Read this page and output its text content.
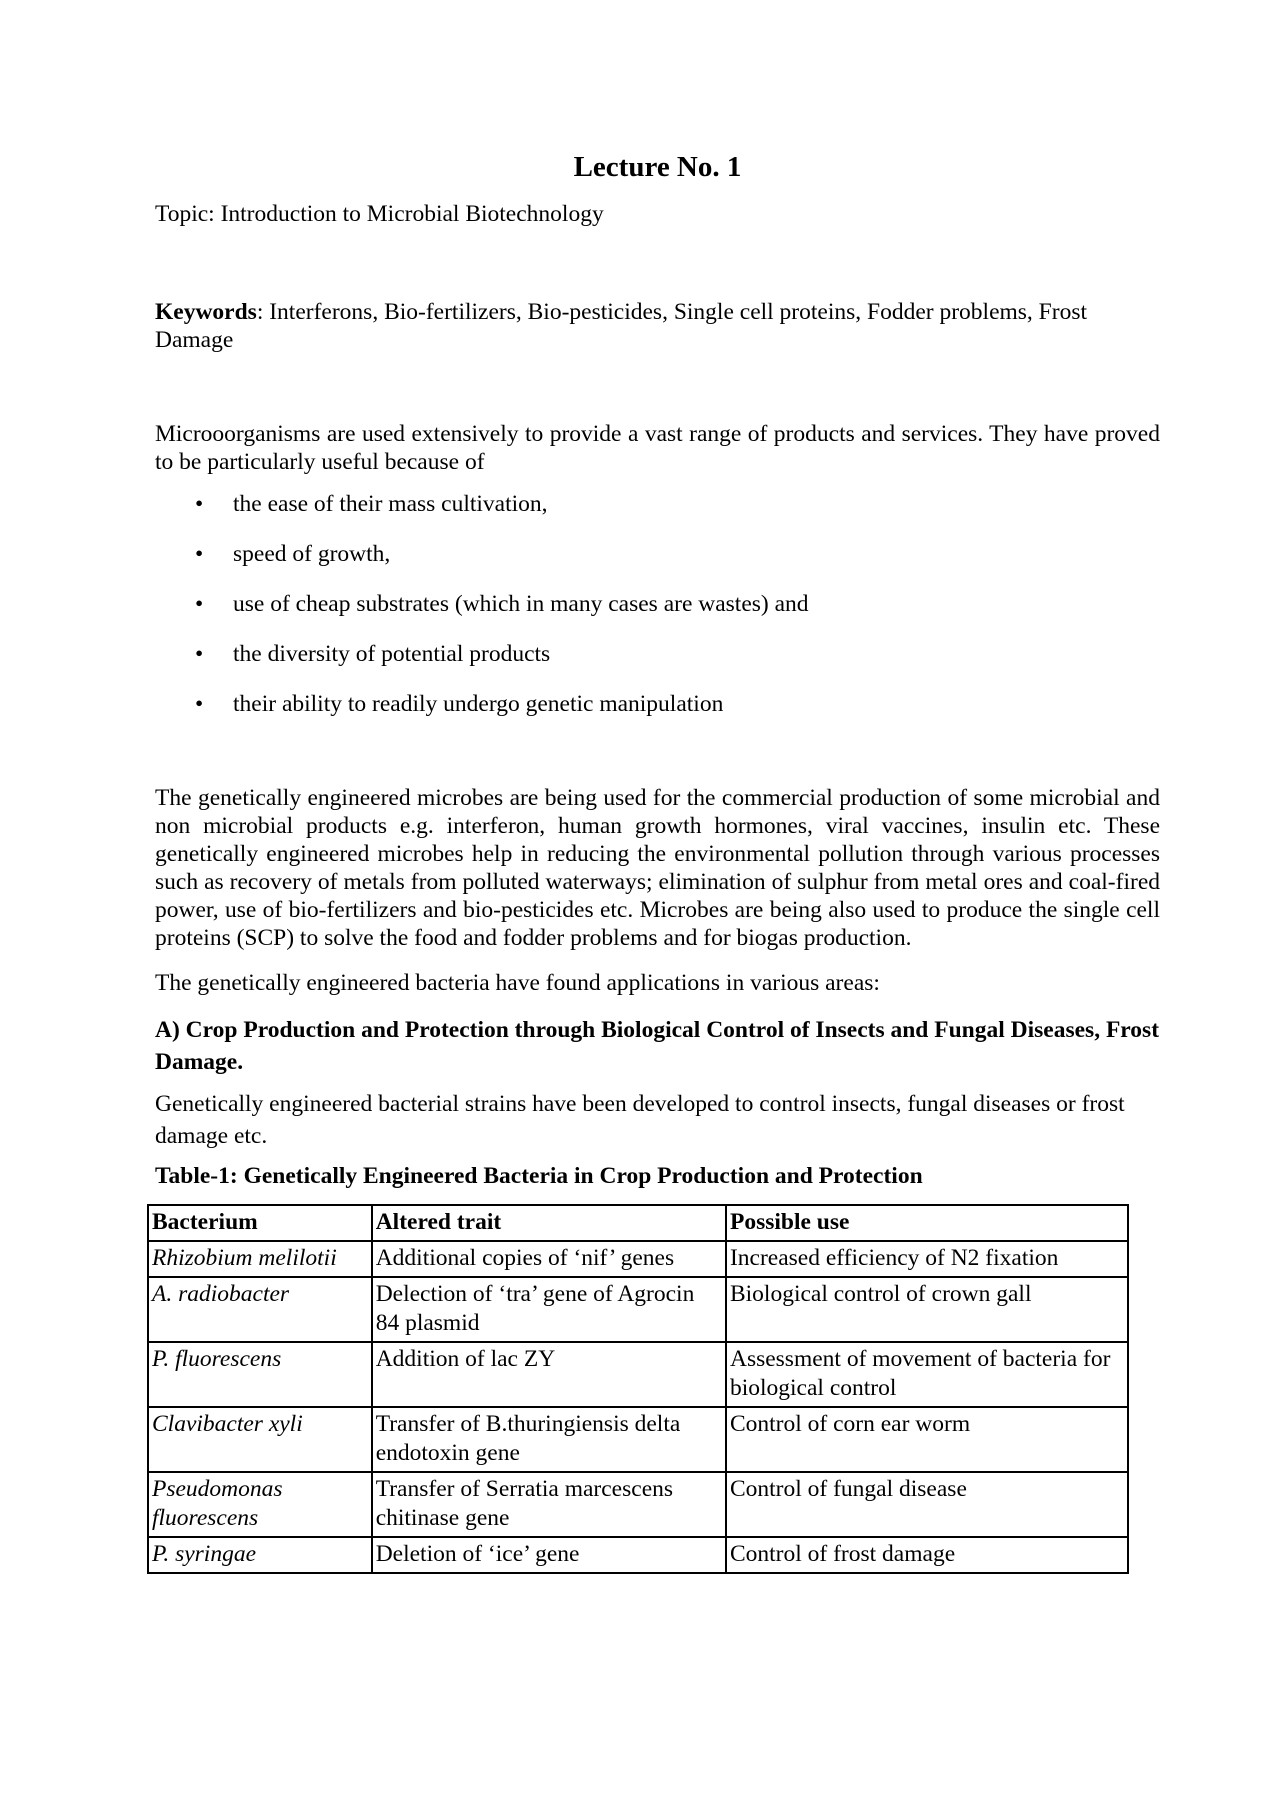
Lecture No. 1

Topic: Introduction to Microbial Biotechnology

Keywords: Interferons, Bio-fertilizers, Bio-pesticides, Single cell proteins, Fodder problems, Frost Damage

Microoorganisms are used extensively to provide a vast range of products and services. They have proved to be particularly useful because of

• the ease of their mass cultivation,
• speed of growth,
• use of cheap substrates (which in many cases are wastes) and
• the diversity of potential products
• their ability to readily undergo genetic manipulation

The genetically engineered microbes are being used for the commercial production of some microbial and non microbial products e.g. interferon, human growth hormones, viral vaccines, insulin etc. These genetically engineered microbes help in reducing the environmental pollution through various processes such as recovery of metals from polluted waterways; elimination of sulphur from metal ores and coal-fired power, use of bio-fertilizers and bio-pesticides etc. Microbes are being also used to produce the single cell proteins (SCP) to solve the food and fodder problems and for biogas production.

The genetically engineered bacteria have found applications in various areas:

A) Crop Production and Protection through Biological Control of Insects and Fungal Diseases, Frost Damage.

Genetically engineered bacterial strains have been developed to control insects, fungal diseases or frost damage etc.

Table-1: Genetically Engineered Bacteria in Crop Production and Protection

Bacterium	Altered trait	Possible use
Rhizobium melilotii	Additional copies of ‘nif’ genes	Increased efficiency of N2 fixation
A. radiobacter	Delection of ‘tra’ gene of Agrocin 84 plasmid	Biological control of crown gall
P. fluorescens	Addition of lac ZY	Assessment of movement of bacteria for biological control
Clavibacter xyli	Transfer of B.thuringiensis delta endotoxin gene	Control of corn ear worm
Pseudomonas fluorescens	Transfer of Serratia marcescens chitinase gene	Control of fungal disease
P. syringae	Deletion of ‘ice’ gene	Control of frost damage
